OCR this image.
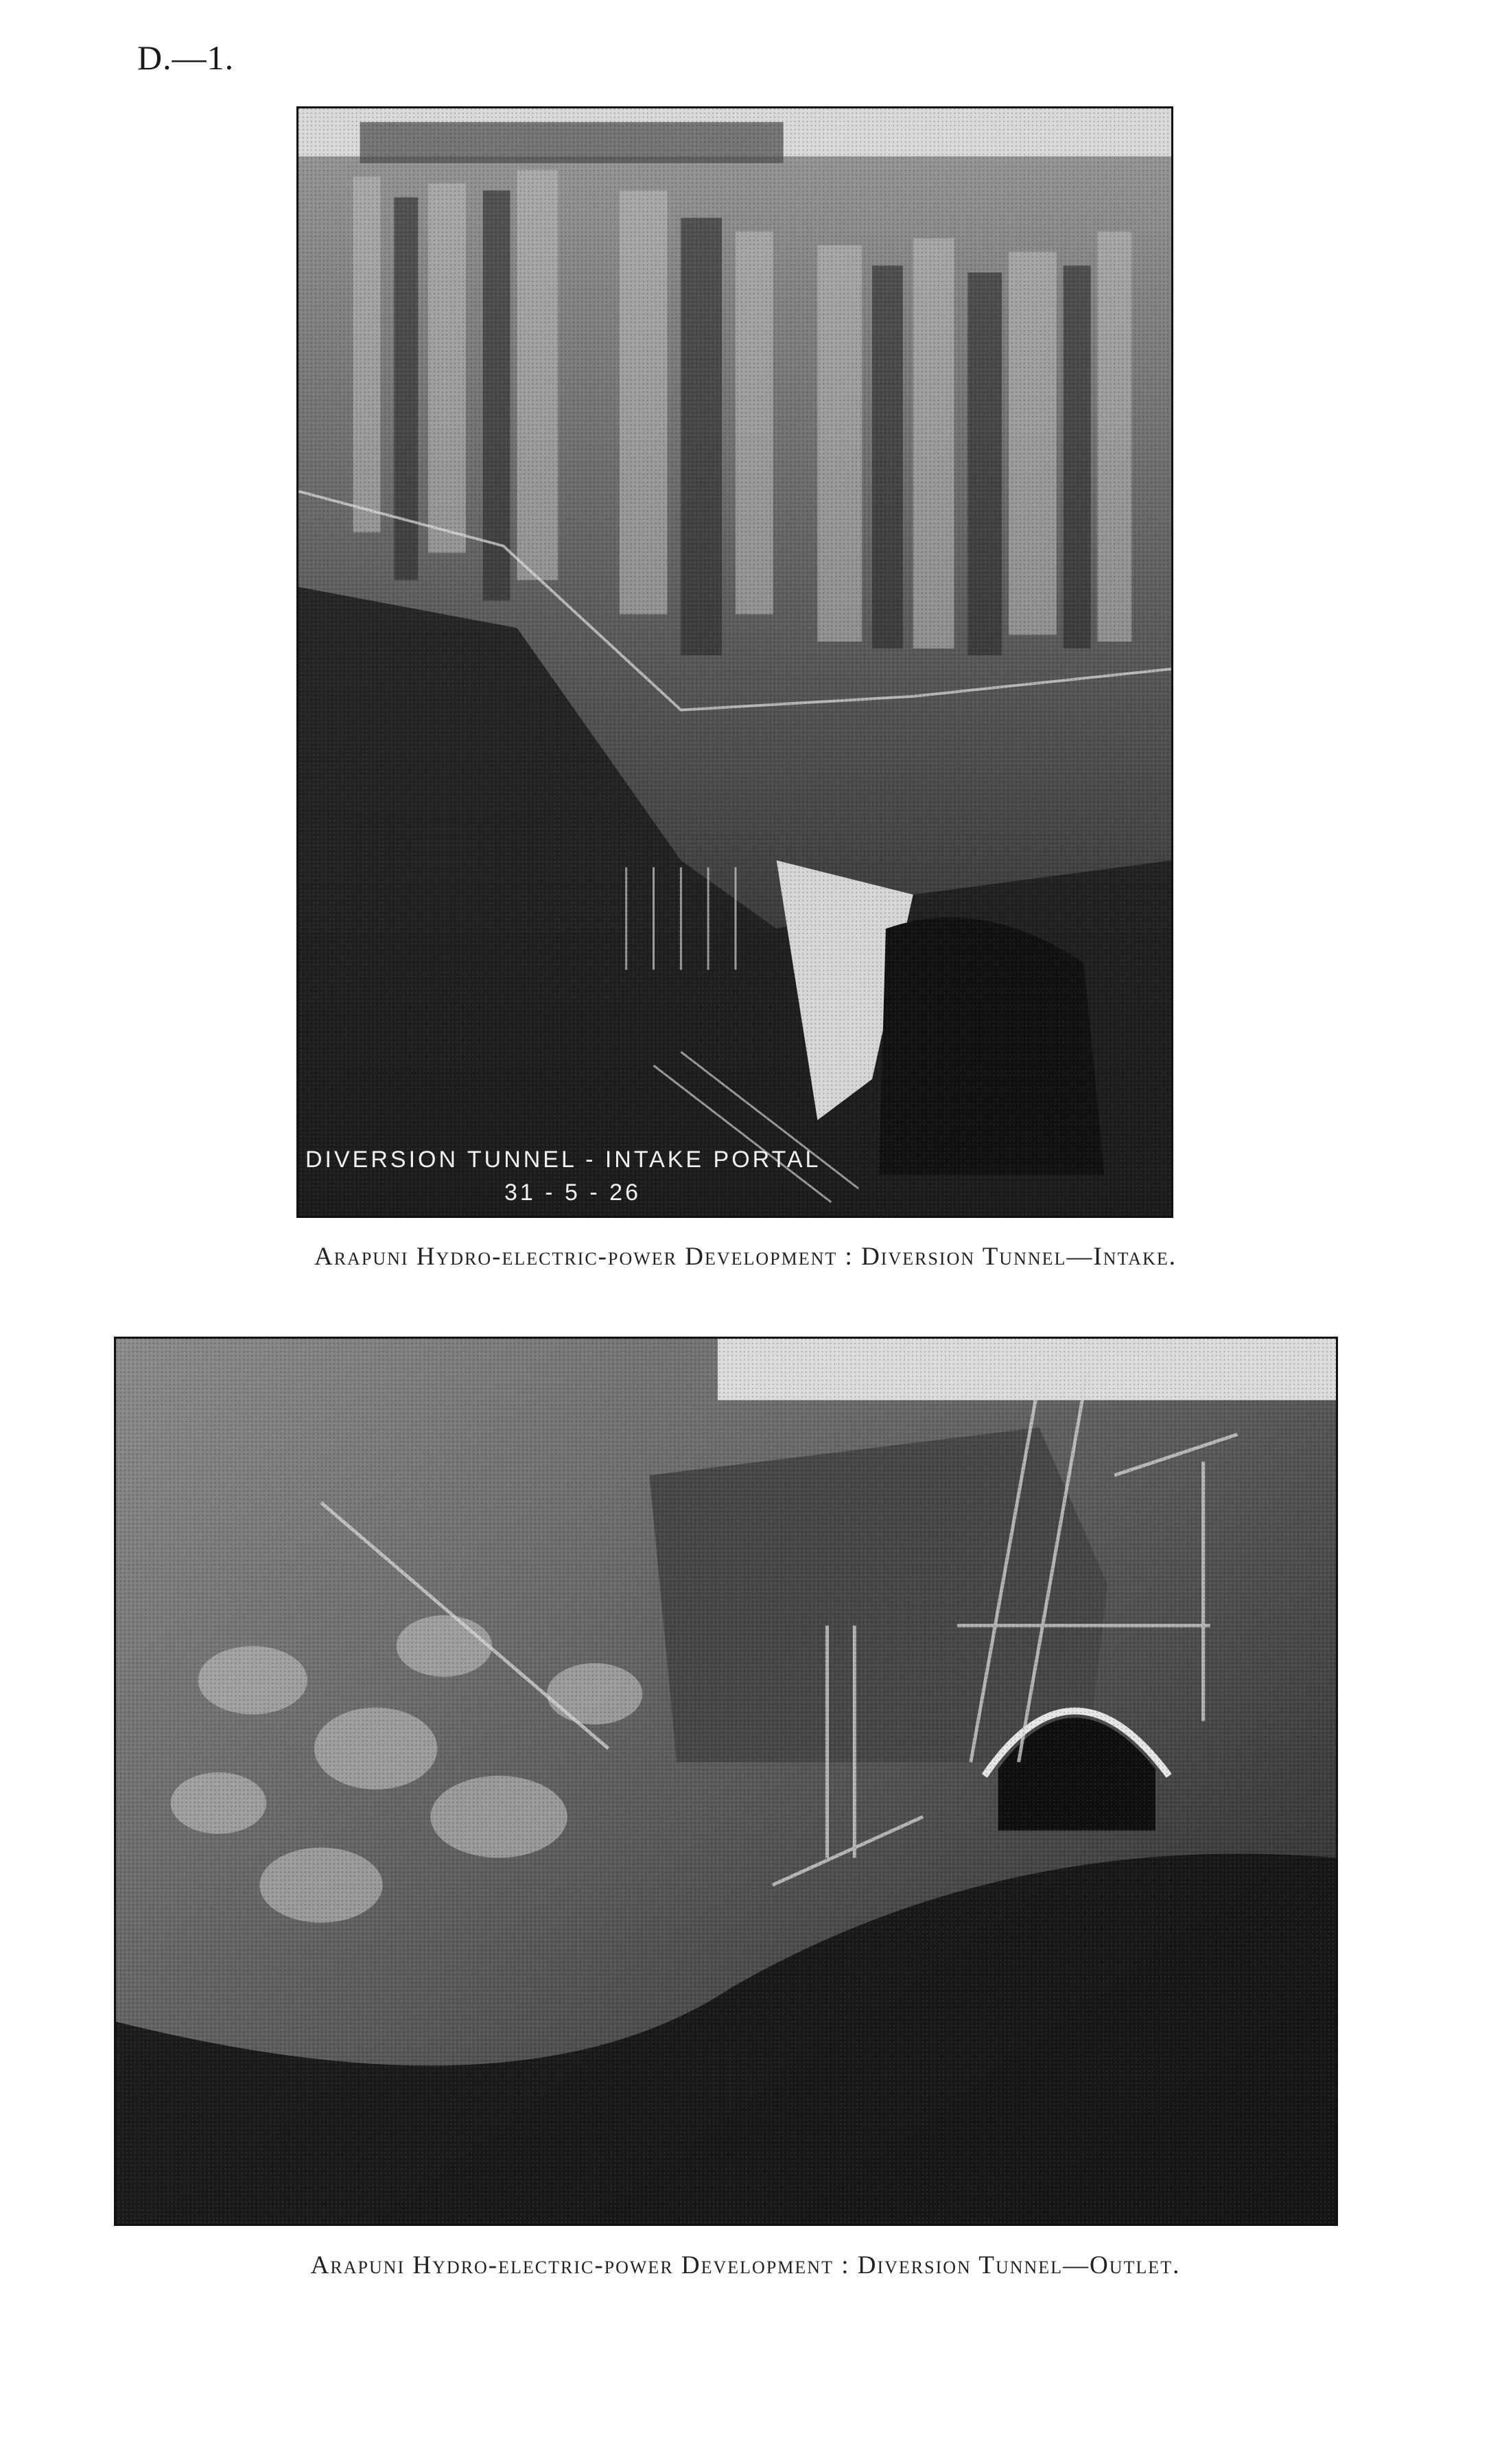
D.—1.
DIVERSION TUNNEL - INTAKE PORTAL
31 - 5 - 26
Arapuni Hydro-electric-power Development : Diversion Tunnel—Intake.
Arapuni Hydro-electric-power Development : Diversion Tunnel—Outlet.
